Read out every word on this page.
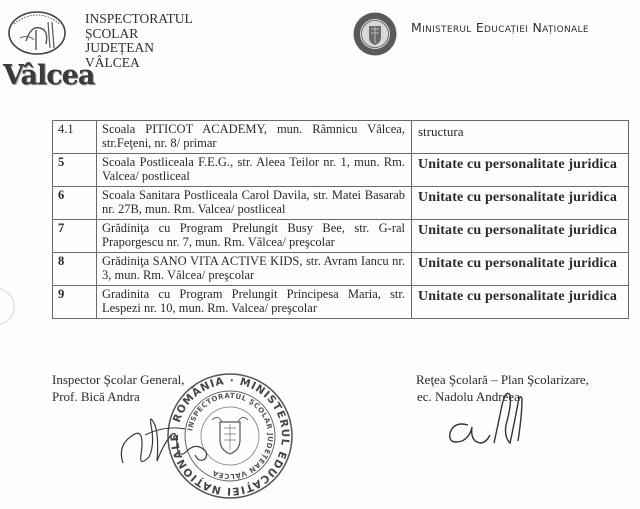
Vâlcea
INSPECTORATUL
ȘCOLAR
JUDEȚEAN
VÂLCEA
Ministerul Educației Naționale
4.1	Scoala PITICOT ACADEMY, mun. Râmnicu Vâlcea, str.Feţeni, nr. 8/ primar	structura
5	Scoala Postliceala F.E.G., str. Aleea Teilor nr. 1, mun. Rm. Valcea/ postliceal	Unitate cu personalitate juridica
6	Scoala Sanitara Postliceala Carol Davila, str. Matei Basarab nr. 27B, mun. Rm. Valcea/ postliceal	Unitate cu personalitate juridica
7	Grădiniţa cu Program Prelungit Busy Bee, str. G-ral Praporgescu nr. 7, mun. Rm. Vâlcea/ preşcolar	Unitate cu personalitate juridica
8	Grădiniţa SANO VITA ACTIVE KIDS, str. Avram Iancu nr. 3, mun. Rm. Vâlcea/ preşcolar	Unitate cu personalitate juridica
9	Gradinita cu Program Prelungit Principesa Maria, str. Lespezi nr. 10, mun. Rm. Valcea/ preşcolar	Unitate cu personalitate juridica
Inspector Şcolar General,
Prof. Bică Andra
Reţea Şcolară – Plan Şcolarizare,
ec. Nadolu Andreea
ROMÂNIA · MINISTERUL EDUCAȚIEI NAȚIONALE
INSPECTORATUL ȘCOLAR JUDEȚEAN VÂLCEA
